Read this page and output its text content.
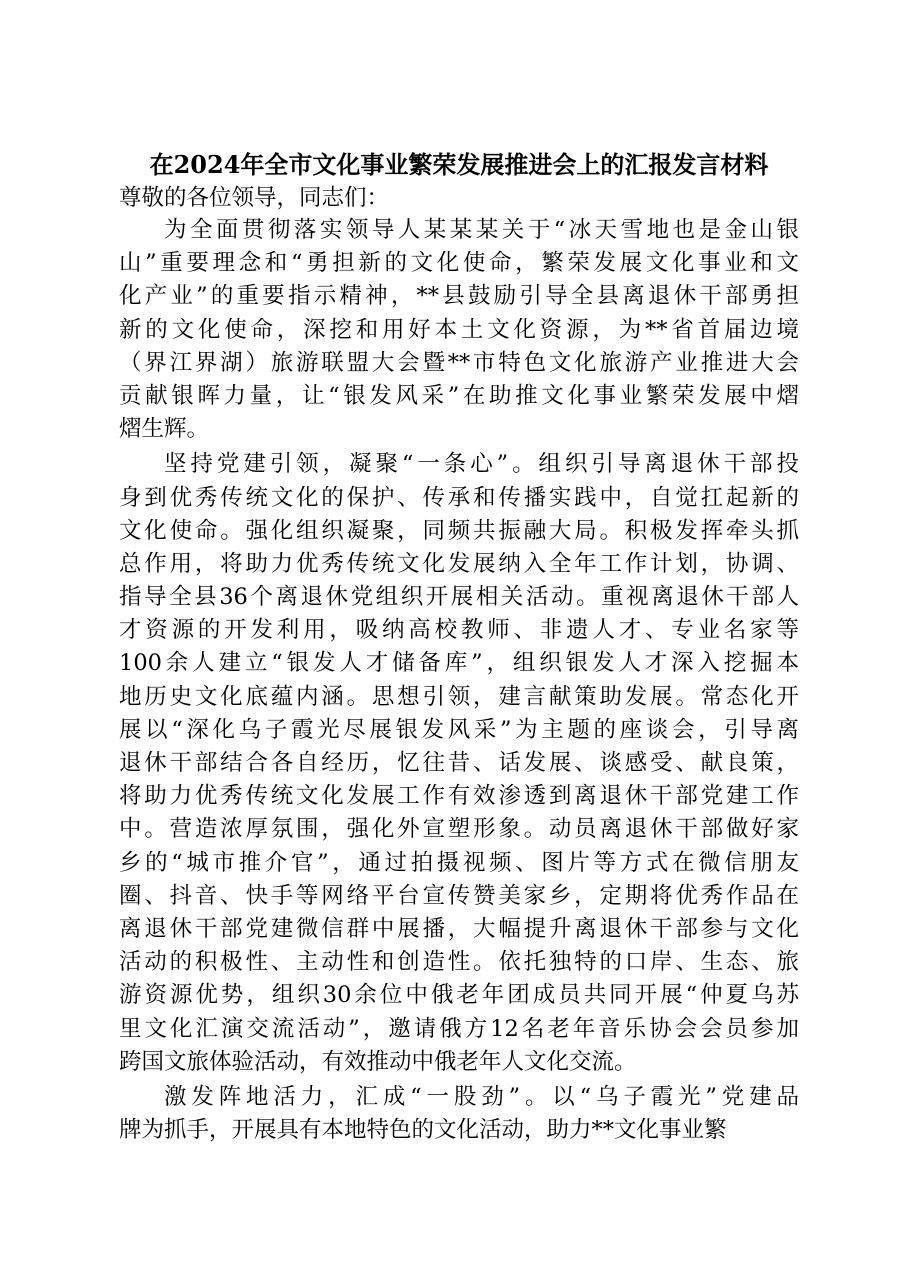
在2024年全市文化事业繁荣发展推进会上的汇报发言材料

尊敬的各位领导，同志们：

为全面贯彻落实领导人某某某关于“冰天雪地也是金山银
山”重要理念和“勇担新的文化使命，繁荣发展文化事业和文
化产业”的重要指示精神，**县鼓励引导全县离退休干部勇担
新的文化使命，深挖和用好本土文化资源，为**省首届边境
（界江界湖）旅游联盟大会暨**市特色文化旅游产业推进大会
贡献银晖力量，让“银发风采”在助推文化事业繁荣发展中熠
熠生辉。
坚持党建引领，凝聚“一条心”。组织引导离退休干部投
身到优秀传统文化的保护、传承和传播实践中，自觉扛起新的
文化使命。强化组织凝聚，同频共振融大局。积极发挥牵头抓
总作用，将助力优秀传统文化发展纳入全年工作计划，协调、
指导全县36个离退休党组织开展相关活动。重视离退休干部人
才资源的开发利用，吸纳高校教师、非遗人才、专业名家等
100余人建立“银发人才储备库”，组织银发人才深入挖掘本
地历史文化底蕴内涵。思想引领，建言献策助发展。常态化开
展以“深化乌子霞光尽展银发风采”为主题的座谈会，引导离
退休干部结合各自经历，忆往昔、话发展、谈感受、献良策，
将助力优秀传统文化发展工作有效渗透到离退休干部党建工作
中。营造浓厚氛围，强化外宣塑形象。动员离退休干部做好家
乡的“城市推介官”，通过拍摄视频、图片等方式在微信朋友
圈、抖音、快手等网络平台宣传赞美家乡，定期将优秀作品在
离退休干部党建微信群中展播，大幅提升离退休干部参与文化
活动的积极性、主动性和创造性。依托独特的口岸、生态、旅
游资源优势，组织30余位中俄老年团成员共同开展“仲夏乌苏
里文化汇演交流活动”，邀请俄方12名老年音乐协会会员参加
跨国文旅体验活动，有效推动中俄老年人文化交流。
激发阵地活力，汇成“一股劲”。以“乌子霞光”党建品
牌为抓手，开展具有本地特色的文化活动，助力**文化事业繁
